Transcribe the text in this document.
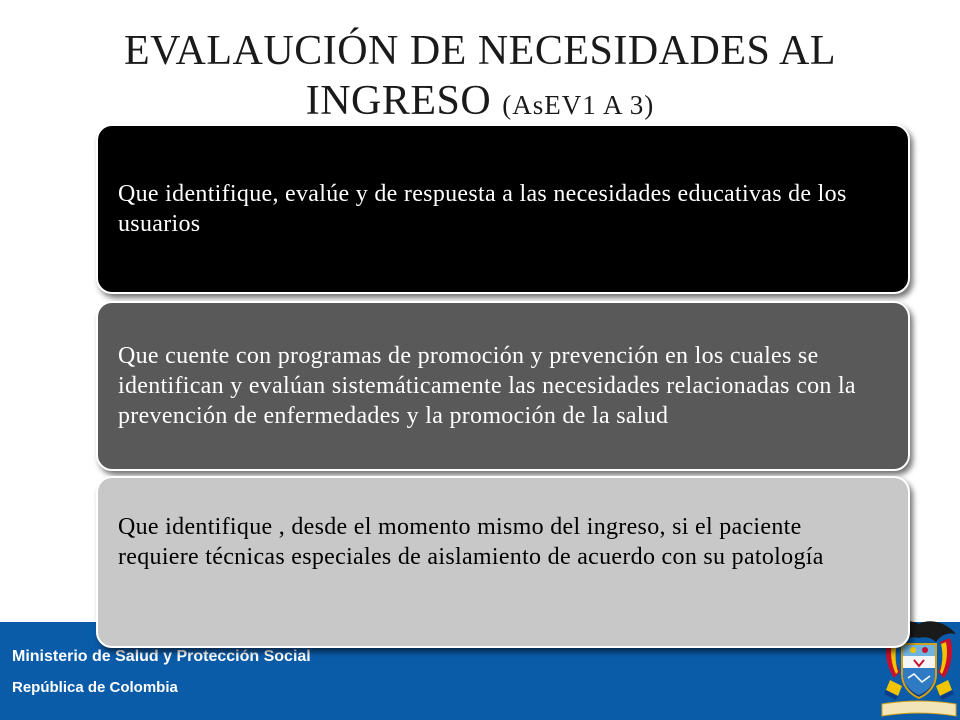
EVALAUCIÓN DE NECESIDADES AL
INGRESO (AsEV1 A 3)
Que identifique, evalúe y de respuesta a las necesidades educativas de los usuarios
Que cuente con programas de promoción y prevención en los cuales se identifican y evalúan sistemáticamente las necesidades relacionadas con la prevención de enfermedades y la promoción de la salud
Que identifique , desde el momento mismo del ingreso, si el paciente requiere técnicas especiales de aislamiento de acuerdo con su patología
Ministerio de Salud y Protección Social
República de Colombia
